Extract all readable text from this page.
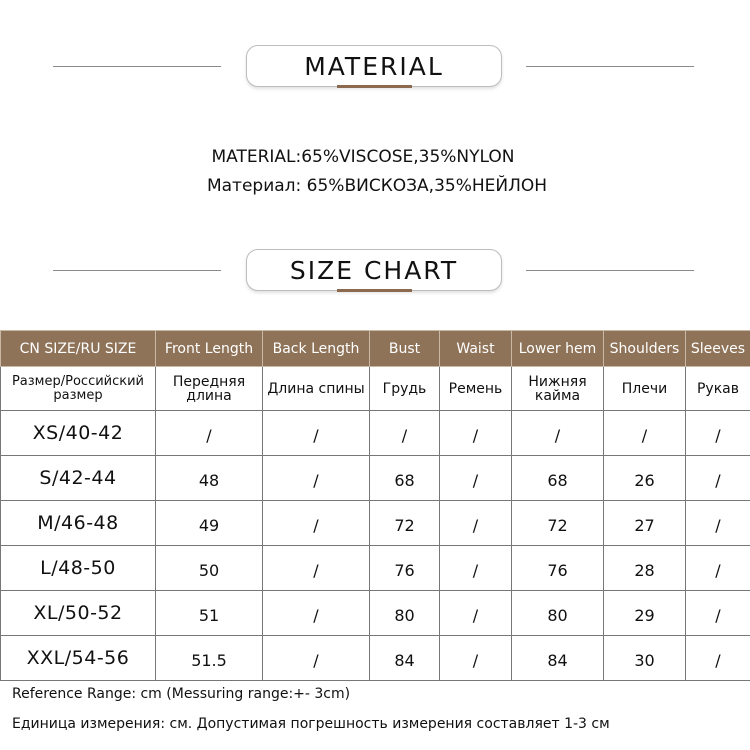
MATERIAL
MATERIAL:65%VISCOSE,35%NYLON
Материал: 65%ВИСКОЗА,35%НЕЙЛОН
SIZE CHART
CN SIZE/RU SIZE	Front Length	Back Length	Bust	Waist	Lower hem	Shoulders	Sleeves
Размер/Российский размер	Передняя длина	Длина спины	Грудь	Ремень	Нижняя кайма	Плечи	Рукав
XS/40-42	/	/	/	/	/	/	/
S/42-44	48	/	68	/	68	26	/
M/46-48	49	/	72	/	72	27	/
L/48-50	50	/	76	/	76	28	/
XL/50-52	51	/	80	/	80	29	/
XXL/54-56	51.5	/	84	/	84	30	/
Reference Range: cm (Messuring range:+- 3cm)
Единица измерения: см. Допустимая погрешность измерения составляет 1-3 см
